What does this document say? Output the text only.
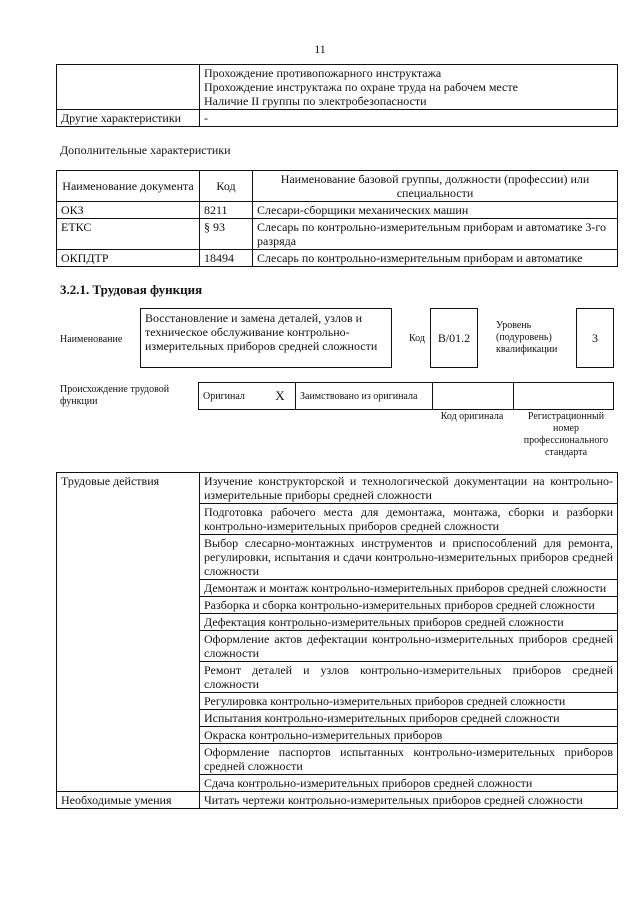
11

	Прохождение противопожарного инструктажа
Прохождение инструктажа по охране труда на рабочем месте
Наличие II группы по электробезопасности

Другие характеристики	-
Дополнительные характеристики
Наименование документа	Код	Наименование базовой группы, должности (профессии) или специальности
ОКЗ	8211	Слесари-сборщики механических машин
ЕТКС	§ 93	Слесарь по контрольно-измерительным приборам и автоматике 3-го разряда
ОКПДТР	18494	Слесарь по контрольно-измерительным приборам и автоматике
3.2.1. Трудовая функция
Наименование
Восстановление и замена деталей, узлов и техническое обслуживание контрольно-измерительных приборов средней сложности
Код	B/01.2
Уровень (подуровень) квалификации
3
Происхождение трудовой функции	Оригинал	X	Заимствовано из оригинала		
Код оригинала	Регистрационный номер профессионального стандарта
Трудовые действия	Изучение конструкторской и технологической документации на контрольно-измерительные приборы средней сложности
	Подготовка рабочего места для демонтажа, монтажа, сборки и разборки контрольно-измерительных приборов средней сложности
	Выбор слесарно-монтажных инструментов и приспособлений для ремонта, регулировки, испытания и сдачи контрольно-измерительных приборов средней сложности
	Демонтаж и монтаж контрольно-измерительных приборов средней сложности
	Разборка и сборка контрольно-измерительных приборов средней сложности
	Дефектация контрольно-измерительных приборов средней сложности
	Оформление актов дефектации контрольно-измерительных приборов средней сложности
	Ремонт деталей и узлов контрольно-измерительных приборов средней сложности
	Регулировка контрольно-измерительных приборов средней сложности
	Испытания контрольно-измерительных приборов средней сложности
	Окраска контрольно-измерительных приборов
	Оформление паспортов испытанных контрольно-измерительных приборов средней сложности
	Сдача контрольно-измерительных приборов средней сложности
Необходимые умения	Читать чертежи контрольно-измерительных приборов средней сложности
